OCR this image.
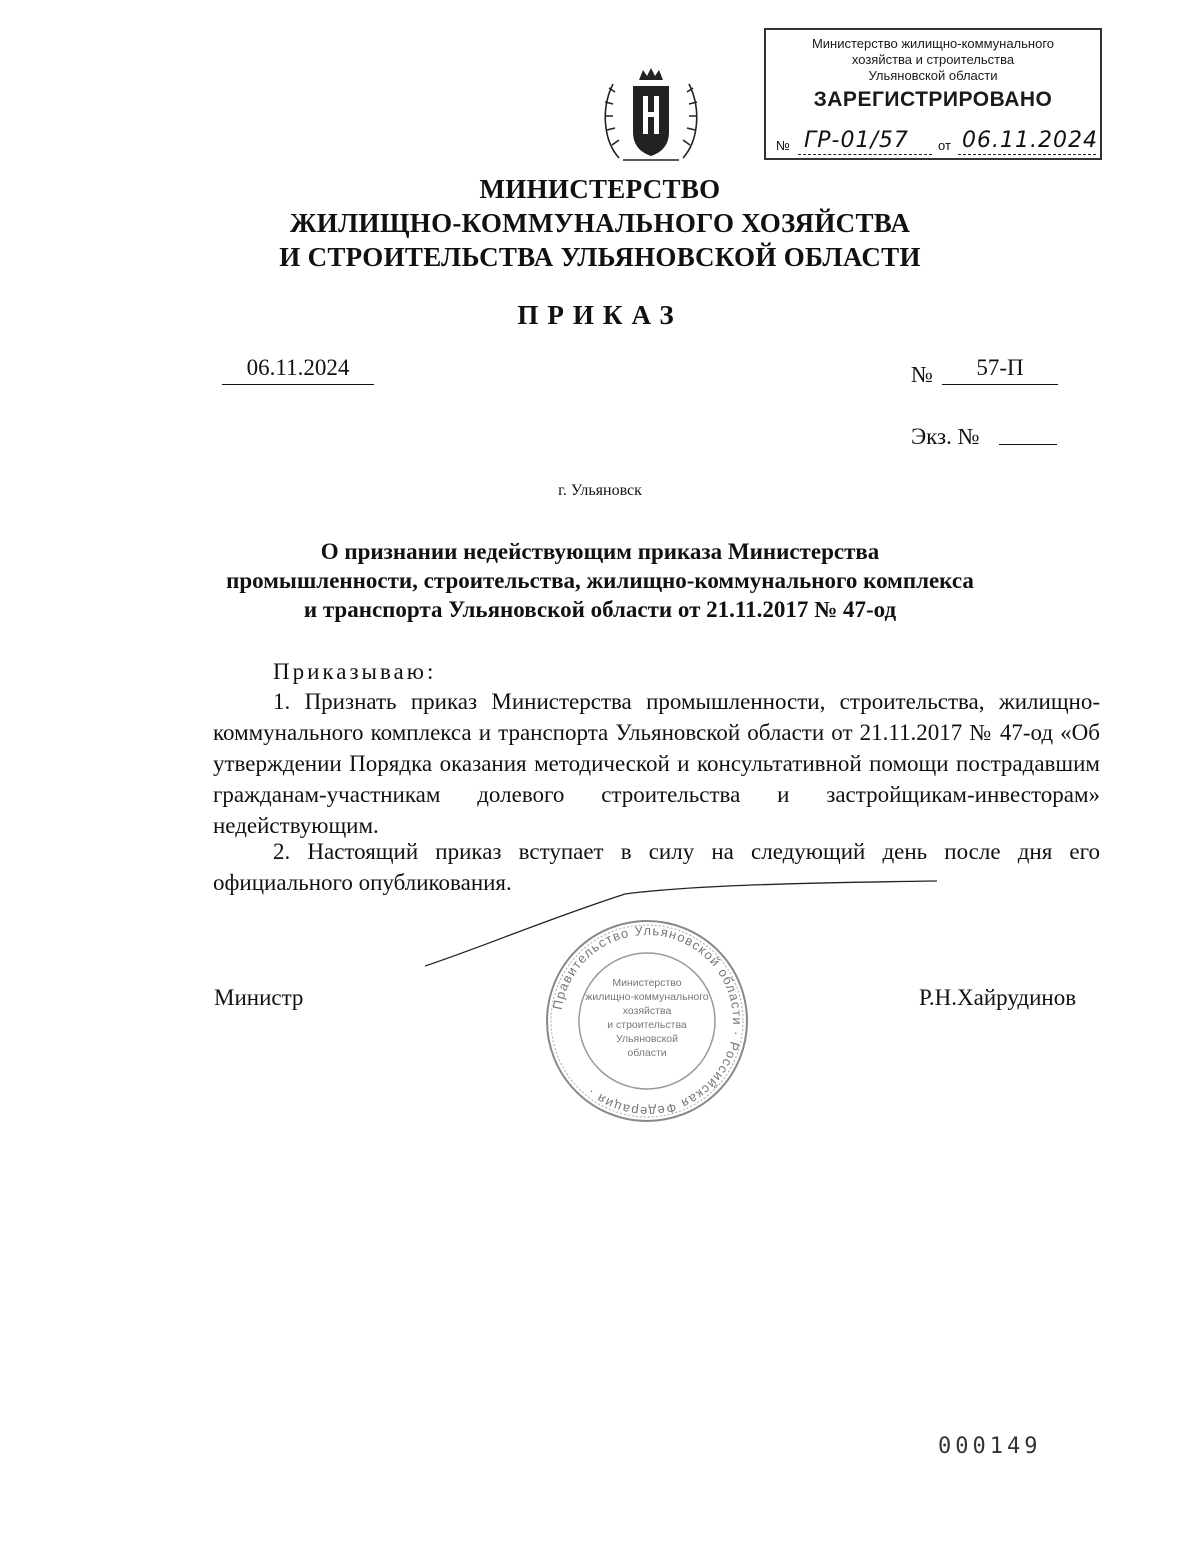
Министерство жилищно-коммунального
хозяйства и строительства
Ульяновской области
ЗАРЕГИСТРИРОВАНО
№ ГР-01/57 от 06.11.2024
МИНИСТЕРСТВО
ЖИЛИЩНО-КОММУНАЛЬНОГО ХОЗЯЙСТВА
И СТРОИТЕЛЬСТВА УЛЬЯНОВСКОЙ ОБЛАСТИ
ПРИКАЗ
06.11.2024	№	57-П
Экз. №
г. Ульяновск
О признании недействующим приказа Министерства
промышленности, строительства, жилищно-коммунального комплекса
и транспорта Ульяновской области от 21.11.2017 № 47-од
Приказываю:
1. Признать приказ Министерства промышленности, строительства, жилищно-коммунального комплекса и транспорта Ульяновской области от 21.11.2017 № 47-од «Об утверждении Порядка оказания методической и консультативной помощи пострадавшим гражданам-участникам долевого строительства и застройщикам-инвесторам» недействующим.
2. Настоящий приказ вступает в силу на следующий день после дня его официального опубликования.
Правительство Ульяновской области · Российская Федерация ·
Министерство
жилищно-коммунального
хозяйства
и строительства
Ульяновской
области
Министр	Р.Н.Хайрудинов
000149
